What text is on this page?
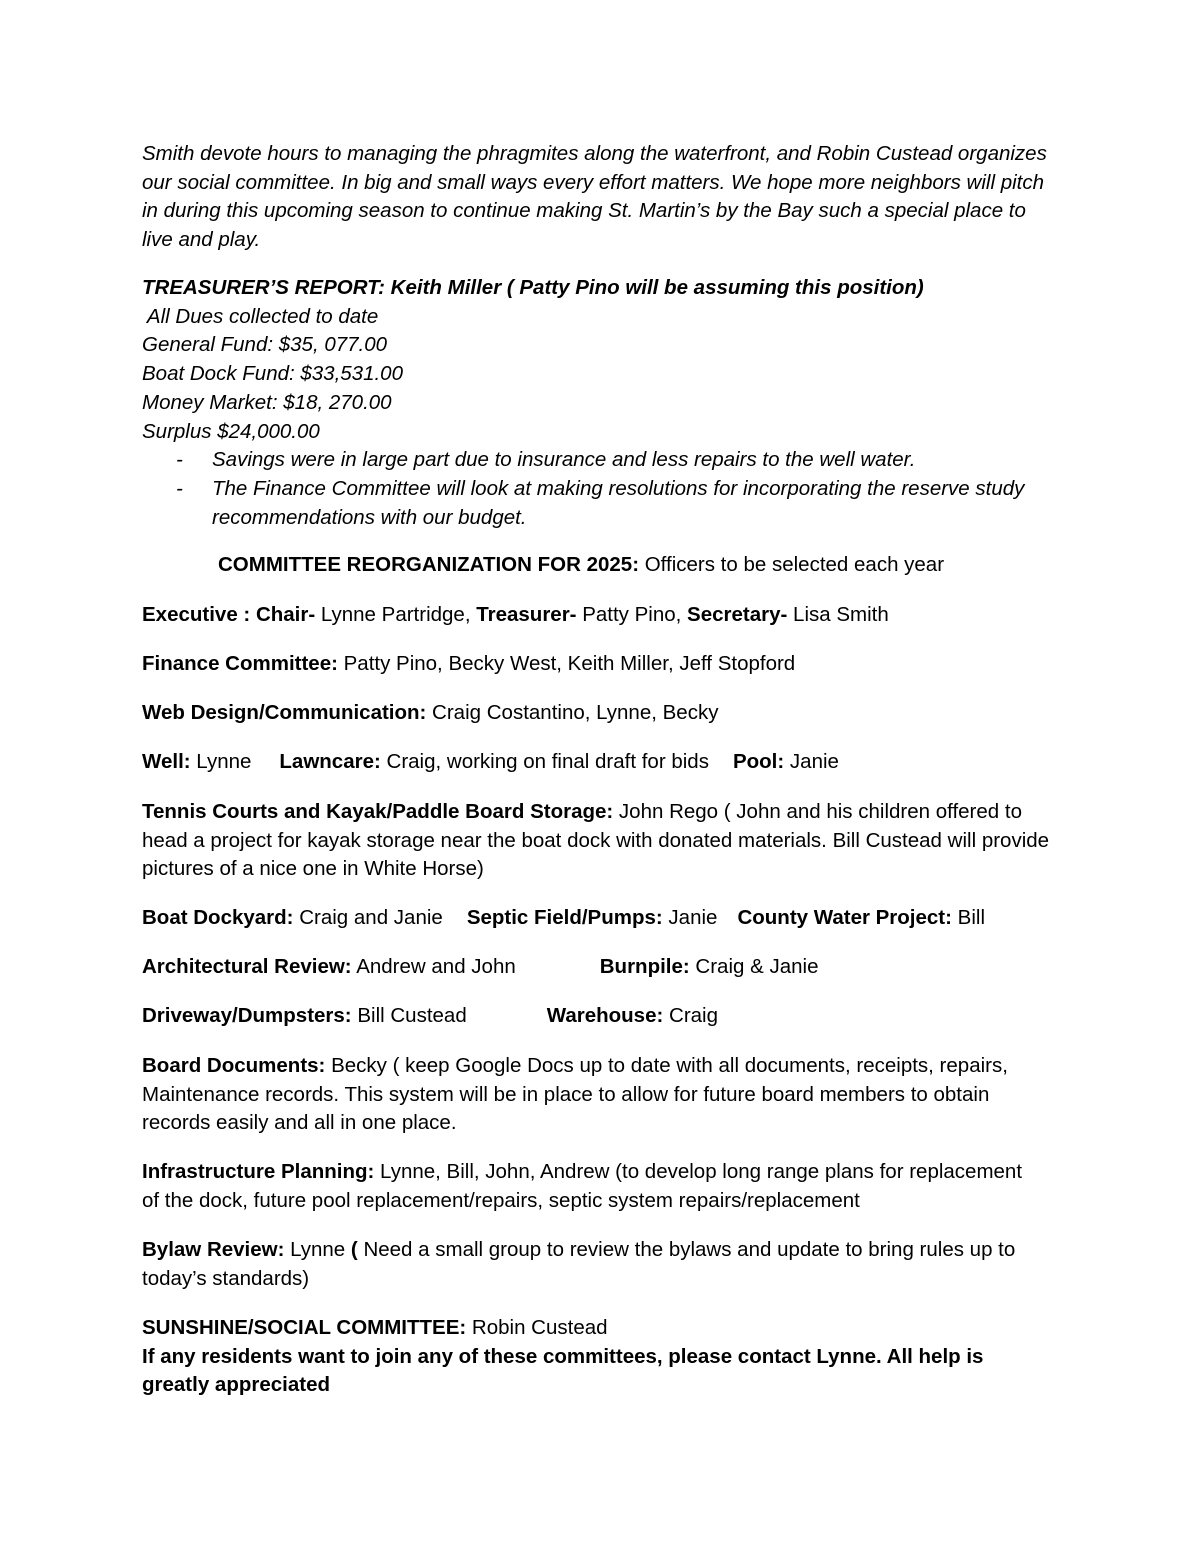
Smith devote hours to managing the phragmites along the waterfront, and Robin Custead organizes our social committee. In big and small ways every effort matters. We hope more neighbors will pitch in during this upcoming season to continue making St. Martin’s by the Bay such a special place to live and play.

TREASURER’S REPORT: Keith Miller ( Patty Pino will be assuming this position)

All Dues collected to date

General Fund: $35, 077.00

Boat Dock Fund: $33,531.00

Money Market: $18, 270.00

Surplus $24,000.00

- Savings were in large part due to insurance and less repairs to the well water.
- The Finance Committee will look at making resolutions for incorporating the reserve study recommendations with our budget.

COMMITTEE REORGANIZATION FOR 2025: Officers to be selected each year

Executive : Chair- Lynne Partridge, Treasurer- Patty Pino, Secretary- Lisa Smith

Finance Committee: Patty Pino, Becky West, Keith Miller, Jeff Stopford

Web Design/Communication: Craig Costantino, Lynne, Becky

Well: Lynne Lawncare: Craig, working on final draft for bids Pool: Janie

Tennis Courts and Kayak/Paddle Board Storage: John Rego ( John and his children offered to head a project for kayak storage near the boat dock with donated materials. Bill Custead will provide pictures of a nice one in White Horse)

Boat Dockyard: Craig and Janie Septic Field/Pumps: Janie County Water Project: Bill

Architectural Review: Andrew and John	Burnpile: Craig & Janie

Driveway/Dumpsters: Bill Custead	Warehouse: Craig

Board Documents: Becky ( keep Google Docs up to date with all documents, receipts, repairs, Maintenance records. This system will be in place to allow for future board members to obtain records easily and all in one place.

Infrastructure Planning: Lynne, Bill, John, Andrew (to develop long range plans for replacement of the dock, future pool replacement/repairs, septic system repairs/replacement

Bylaw Review: Lynne ( Need a small group to review the bylaws and update to bring rules up to today’s standards)

SUNSHINE/SOCIAL COMMITTEE: Robin Custead

If any residents want to join any of these committees, please contact Lynne. All help is greatly appreciated
